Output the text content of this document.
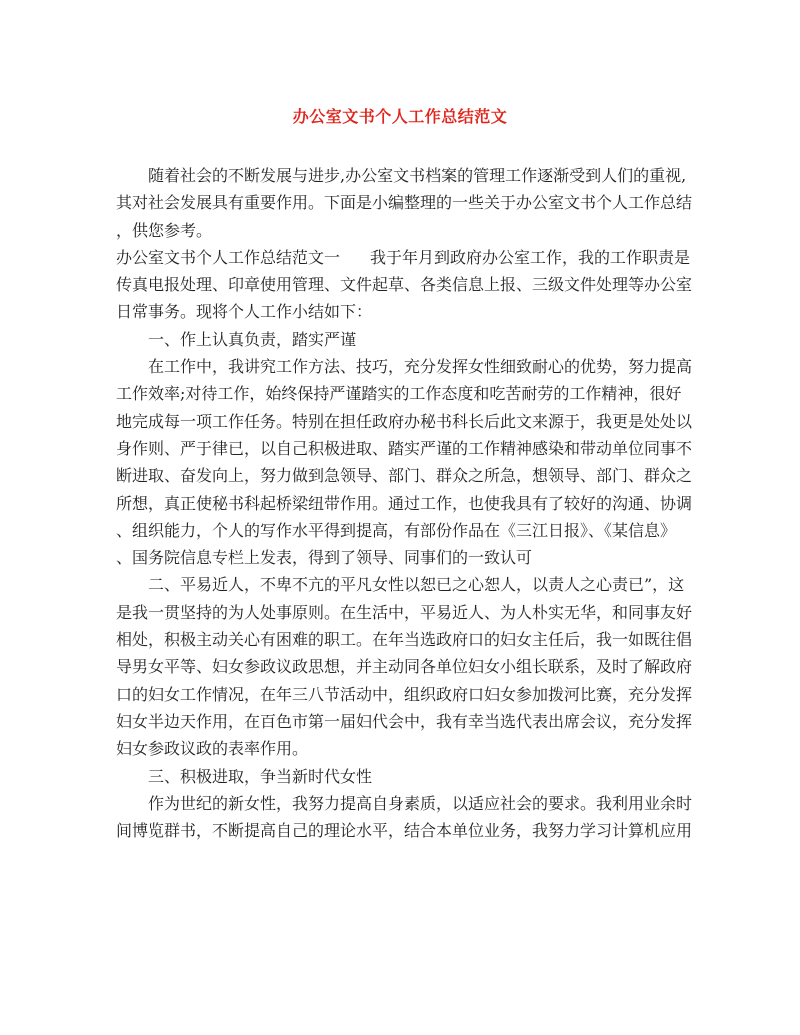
办公室文书个人工作总结范文
随着社会的不断发展与进步,办公室文书档案的管理工作逐渐受到人们的重视,
其对社会发展具有重要作用。下面是小编整理的一些关于办公室文书个人工作总结
，供您参考。
办公室文书个人工作总结范文一 我于年月到政府办公室工作，我的工作职责是
传真电报处理、印章使用管理、文件起草、各类信息上报、三级文件处理等办公室
日常事务。现将个人工作小结如下：
一、作上认真负责，踏实严谨
在工作中，我讲究工作方法、技巧，充分发挥女性细致耐心的优势，努力提高
工作效率;对待工作，始终保持严谨踏实的工作态度和吃苦耐劳的工作精神，很好
地完成每一项工作任务。特别在担任政府办秘书科长后此文来源于，我更是处处以
身作则、严于律已，以自己积极进取、踏实严谨的工作精神感染和带动单位同事不
断进取、奋发向上，努力做到急领导、部门、群众之所急，想领导、部门、群众之
所想，真正使秘书科起桥梁纽带作用。通过工作，也使我具有了较好的沟通、协调
、组织能力，个人的写作水平得到提高，有部份作品在《三江日报》、《某信息》
、国务院信息专栏上发表，得到了领导、同事们的一致认可
二、平易近人，不卑不亢的平凡女性以恕已之心恕人，以责人之心责已”，这
是我一贯坚持的为人处事原则。在生活中，平易近人、为人朴实无华，和同事友好
相处，积极主动关心有困难的职工。在年当选政府口的妇女主任后，我一如既往倡
导男女平等、妇女参政议政思想，并主动同各单位妇女小组长联系，及时了解政府
口的妇女工作情况，在年三八节活动中，组织政府口妇女参加拨河比赛，充分发挥
妇女半边天作用，在百色市第一届妇代会中，我有幸当选代表出席会议，充分发挥
妇女参政议政的表率作用。
三、积极进取，争当新时代女性
作为世纪的新女性，我努力提高自身素质，以适应社会的要求。我利用业余时
间博览群书，不断提高自己的理论水平，结合本单位业务，我努力学习计算机应用
